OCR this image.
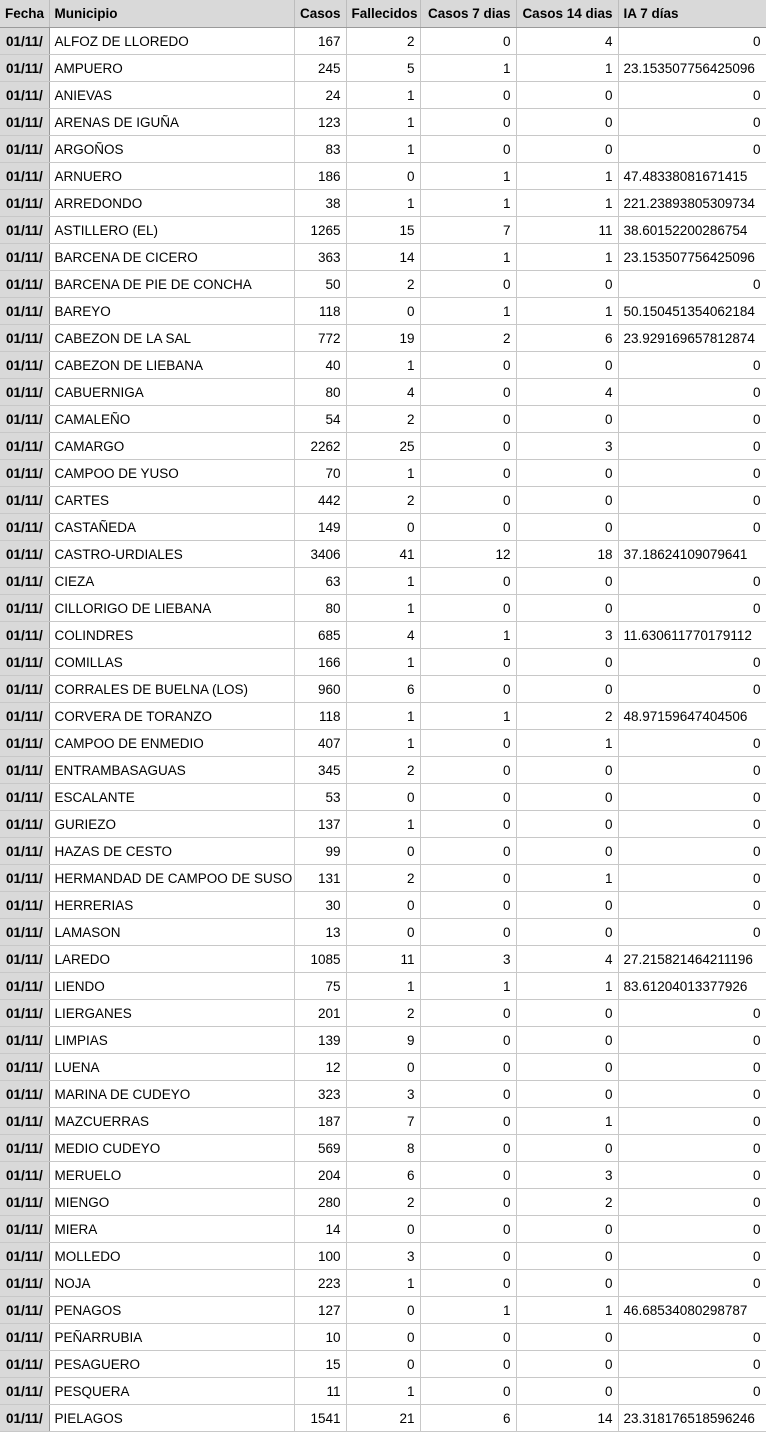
Fecha	Municipio	Casos	Fallecidos	Casos 7 dias	Casos 14 dias	IA 7 días
01/11/	ALFOZ DE LLOREDO	167	2	0	4	0
01/11/	AMPUERO	245	5	1	1	23.153507756425096
01/11/	ANIEVAS	24	1	0	0	0
01/11/	ARENAS DE IGUÑA	123	1	0	0	0
01/11/	ARGOÑOS	83	1	0	0	0
01/11/	ARNUERO	186	0	1	1	47.48338081671415
01/11/	ARREDONDO	38	1	1	1	221.23893805309734
01/11/	ASTILLERO (EL)	1265	15	7	11	38.60152200286754
01/11/	BARCENA DE CICERO	363	14	1	1	23.153507756425096
01/11/	BARCENA DE PIE DE CONCHA	50	2	0	0	0
01/11/	BAREYO	118	0	1	1	50.150451354062184
01/11/	CABEZON DE LA SAL	772	19	2	6	23.929169657812874
01/11/	CABEZON DE LIEBANA	40	1	0	0	0
01/11/	CABUERNIGA	80	4	0	4	0
01/11/	CAMALEÑO	54	2	0	0	0
01/11/	CAMARGO	2262	25	0	3	0
01/11/	CAMPOO DE YUSO	70	1	0	0	0
01/11/	CARTES	442	2	0	0	0
01/11/	CASTAÑEDA	149	0	0	0	0
01/11/	CASTRO-URDIALES	3406	41	12	18	37.18624109079641
01/11/	CIEZA	63	1	0	0	0
01/11/	CILLORIGO DE LIEBANA	80	1	0	0	0
01/11/	COLINDRES	685	4	1	3	11.630611770179112
01/11/	COMILLAS	166	1	0	0	0
01/11/	CORRALES DE BUELNA (LOS)	960	6	0	0	0
01/11/	CORVERA DE TORANZO	118	1	1	2	48.97159647404506
01/11/	CAMPOO DE ENMEDIO	407	1	0	1	0
01/11/	ENTRAMBASAGUAS	345	2	0	0	0
01/11/	ESCALANTE	53	0	0	0	0
01/11/	GURIEZO	137	1	0	0	0
01/11/	HAZAS DE CESTO	99	0	0	0	0
01/11/	HERMANDAD DE CAMPOO DE SUSO	131	2	0	1	0
01/11/	HERRERIAS	30	0	0	0	0
01/11/	LAMASON	13	0	0	0	0
01/11/	LAREDO	1085	11	3	4	27.215821464211196
01/11/	LIENDO	75	1	1	1	83.61204013377926
01/11/	LIERGANES	201	2	0	0	0
01/11/	LIMPIAS	139	9	0	0	0
01/11/	LUENA	12	0	0	0	0
01/11/	MARINA DE CUDEYO	323	3	0	0	0
01/11/	MAZCUERRAS	187	7	0	1	0
01/11/	MEDIO CUDEYO	569	8	0	0	0
01/11/	MERUELO	204	6	0	3	0
01/11/	MIENGO	280	2	0	2	0
01/11/	MIERA	14	0	0	0	0
01/11/	MOLLEDO	100	3	0	0	0
01/11/	NOJA	223	1	0	0	0
01/11/	PENAGOS	127	0	1	1	46.68534080298787
01/11/	PEÑARRUBIA	10	0	0	0	0
01/11/	PESAGUERO	15	0	0	0	0
01/11/	PESQUERA	11	1	0	0	0
01/11/	PIELAGOS	1541	21	6	14	23.318176518596246
